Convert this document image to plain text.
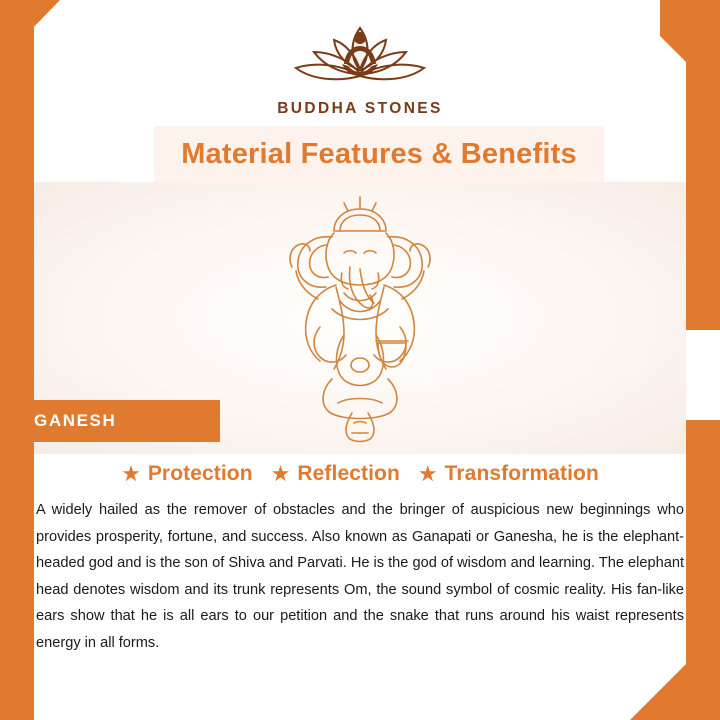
BUDDHA STONES
Material Features & Benefits
★ Protection ★ Reflection ★ Transformation

A widely hailed as the remover of obstacles and the bringer of auspicious new beginnings who provides prosperity, fortune, and success. Also known as Ganapati or Ganesha, he is the elephant-headed god and is the son of Shiva and Parvati. He is the god of wisdom and learning. The elephant head denotes wisdom and its trunk represents Om, the sound symbol of cosmic reality. His fan-like ears show that he is all ears to our petition and the snake that runs around his waist represents energy in all forms.

GANESH
